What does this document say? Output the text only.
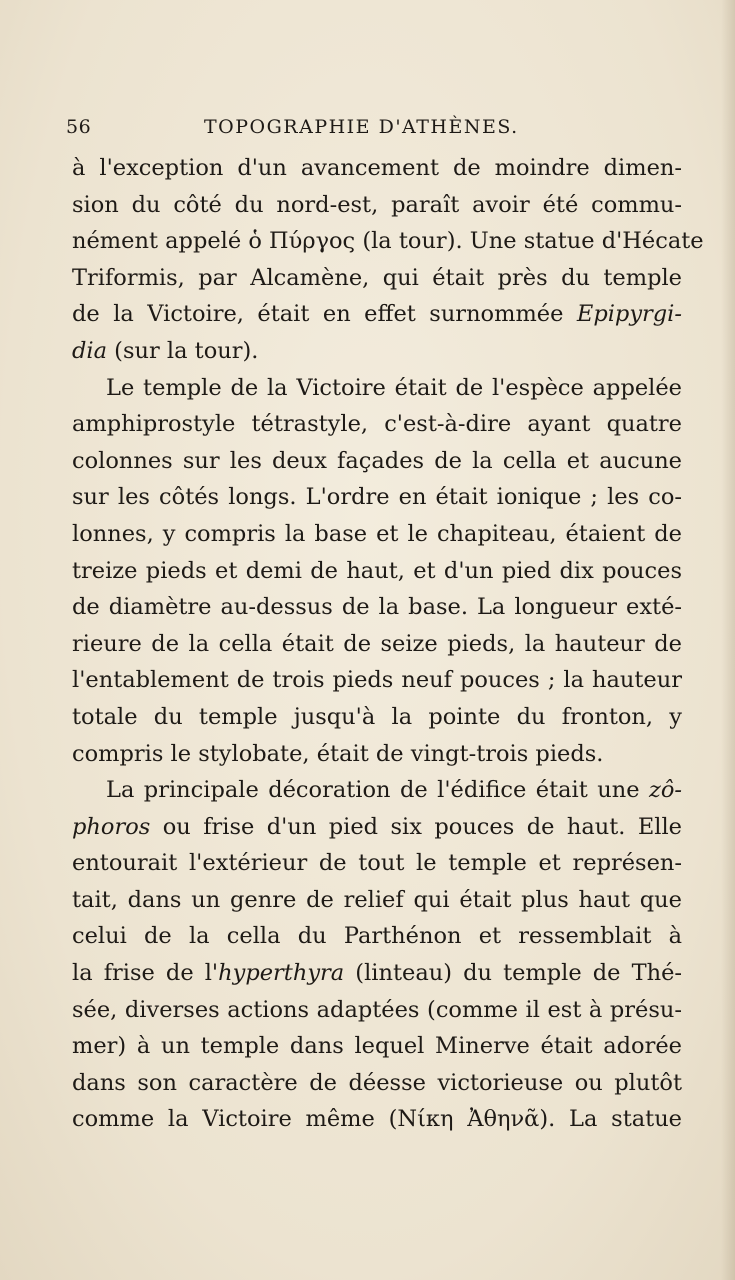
56	TOPOGRAPHIE D'ATHÈNES.
à l'exception d'un avancement de moindre dimen-
sion du côté du nord-est, paraît avoir été commu-
nément appelé ὁ Πύργος (la tour). Une statue d'Hécate
Triformis, par Alcamène, qui était près du temple
de la Victoire, était en effet surnommée Epipyrgi-
dia (sur la tour).
Le temple de la Victoire était de l'espèce appelée
amphiprostyle tétrastyle, c'est-à-dire ayant quatre
colonnes sur les deux façades de la cella et aucune
sur les côtés longs. L'ordre en était ionique ; les co-
lonnes, y compris la base et le chapiteau, étaient de
treize pieds et demi de haut, et d'un pied dix pouces
de diamètre au-dessus de la base. La longueur exté-
rieure de la cella était de seize pieds, la hauteur de
l'entablement de trois pieds neuf pouces ; la hauteur
totale du temple jusqu'à la pointe du fronton, y
compris le stylobate, était de vingt-trois pieds.
La principale décoration de l'édifice était une zô-
phoros ou frise d'un pied six pouces de haut. Elle
entourait l'extérieur de tout le temple et représen-
tait, dans un genre de relief qui était plus haut que
celui de la cella du Parthénon et ressemblait à
la frise de l'hyperthyra (linteau) du temple de Thé-
sée, diverses actions adaptées (comme il est à présu-
mer) à un temple dans lequel Minerve était adorée
dans son caractère de déesse victorieuse ou plutôt
comme la Victoire même (Νίκη Ἀθηνᾶ). La statue
